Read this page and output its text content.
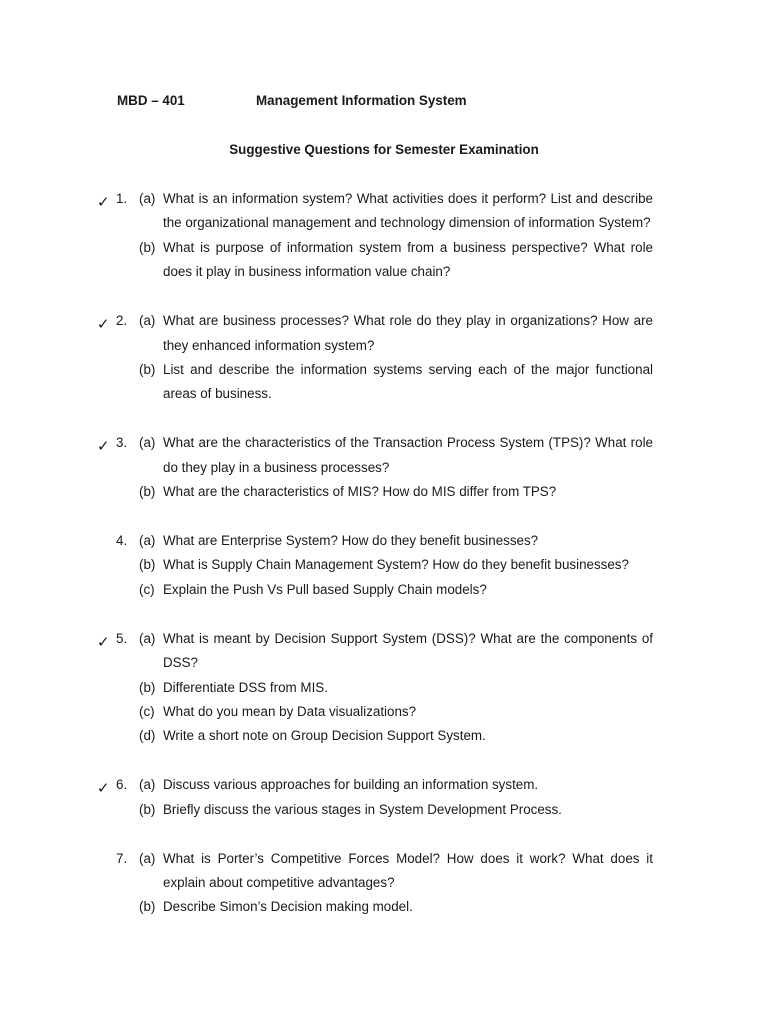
MBD – 401	Management Information System
Suggestive Questions for Semester Examination
✓ 1. (a) What is an information system? What activities does it perform? List and describe the organizational management and technology dimension of information System?
(b) What is purpose of information system from a business perspective? What role does it play in business information value chain?
✓ 2. (a) What are business processes? What role do they play in organizations? How are they enhanced information system?
(b) List and describe the information systems serving each of the major functional areas of business.
✓ 3. (a) What are the characteristics of the Transaction Process System (TPS)? What role do they play in a business processes?
(b) What are the characteristics of MIS? How do MIS differ from TPS?
4. (a) What are Enterprise System? How do they benefit businesses?
(b) What is Supply Chain Management System? How do they benefit businesses?
(c) Explain the Push Vs Pull based Supply Chain models?
✓ 5. (a) What is meant by Decision Support System (DSS)? What are the components of DSS?
(b) Differentiate DSS from MIS.
(c) What do you mean by Data visualizations?
(d) Write a short note on Group Decision Support System.
✓ 6. (a) Discuss various approaches for building an information system.
(b) Briefly discuss the various stages in System Development Process.
7. (a) What is Porter’s Competitive Forces Model? How does it work? What does it explain about competitive advantages?
(b) Describe Simon’s Decision making model.
